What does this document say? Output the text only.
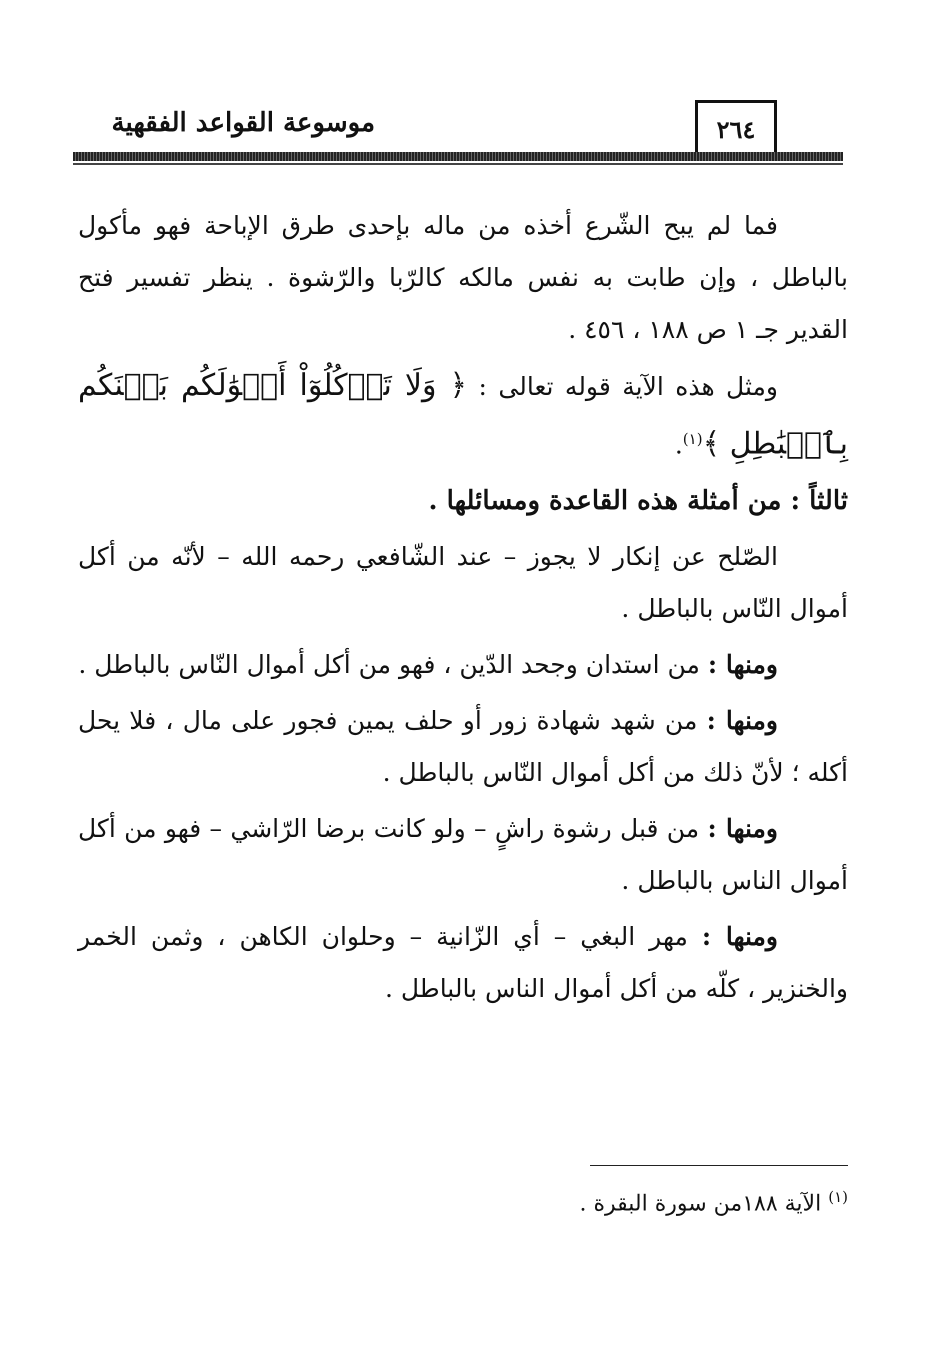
موسوعة القواعد الفقهية	٢٦٤

فما لم يبح الشّرع أخذه من ماله بإحدى طرق الإباحة فهو مأكول بالباطل ، وإن طابت به نفس مالكه كالرّبا والرّشوة . ينظر تفسير فتح القدير جـ ١ ص ١٨٨ ، ٤٥٦ .

ومثل هذه الآية قوله تعالى : ﴿ وَلَا تَأۡكُلُوٓاْ أَمۡوَٰلَكُم بَيۡنَكُم بِٱلۡبَٰطِلِ ﴾$^{(١)}$.

ثالثاً : من أمثلة هذه القاعدة ومسائلها .

الصّلح عن إنكار لا يجوز – عند الشّافعي رحمه الله – لأنّه من أكل أموال النّاس بالباطل .

ومنها : من استدان وجحد الدّين ، فهو من أكل أموال النّاس بالباطل .

ومنها : من شهد شهادة زور أو حلف يمين فجور على مال ، فلا يحل أكله ؛ لأنّ ذلك من أكل أموال النّاس بالباطل .

ومنها : من قبل رشوة راشٍ – ولو كانت برضا الرّاشي – فهو من أكل أموال الناس بالباطل .

ومنها : مهر البغي – أي الزّانية – وحلوان الكاهن ، وثمن الخمر والخنزير ، كلّه من أكل أموال الناس بالباطل .

$^{(١)}$ الآية ١٨٨من سورة البقرة .
